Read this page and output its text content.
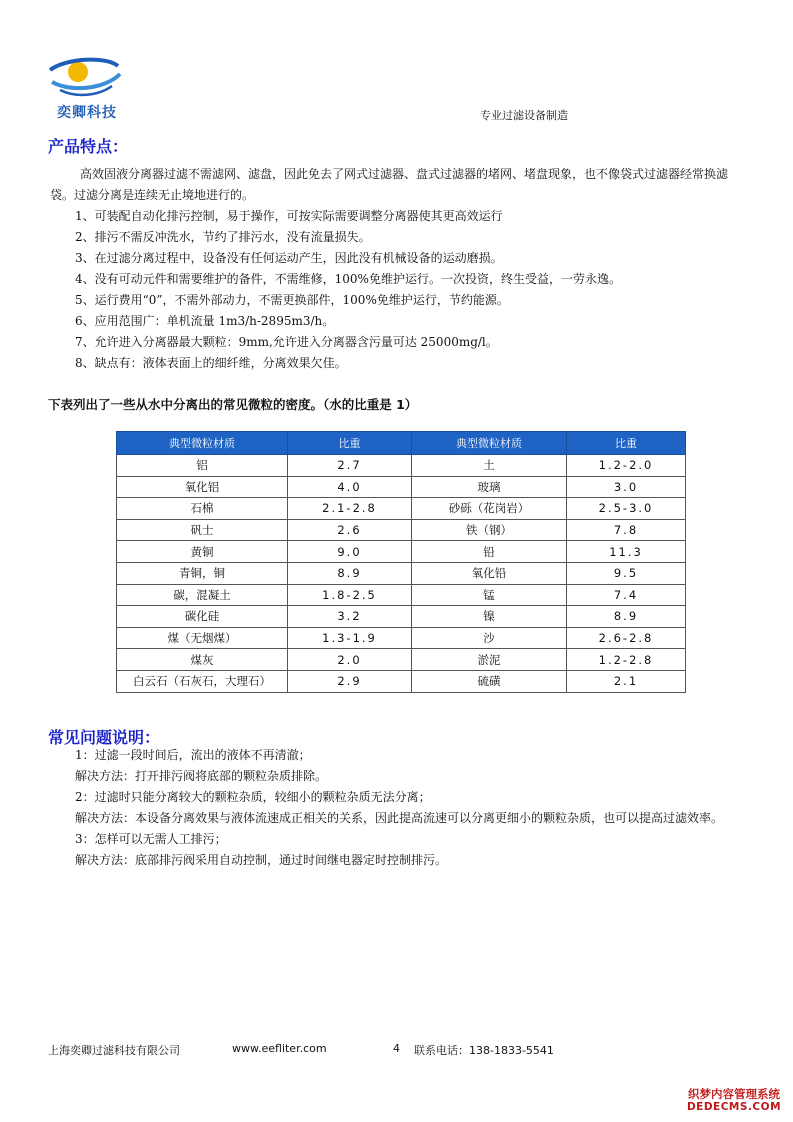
奕卿科技	专业过滤设备制造
产品特点：

高效固液分离器过滤不需滤网、滤盘，因此免去了网式过滤器、盘式过滤器的堵网、堵盘现象，也不像袋式过滤器经常换滤袋。过滤分离是连续无止境地进行的。

1、可装配自动化排污控制，易于操作，可按实际需要调整分离器使其更高效运行

2、排污不需反冲洗水，节约了排污水，没有流量损失。

3、在过滤分离过程中，设备没有任何运动产生，因此没有机械设备的运动磨损。

4、没有可动元件和需要维护的备件，不需维修，100%免维护运行。一次投资，终生受益，一劳永逸。

5、运行费用“0”，不需外部动力，不需更换部件，100%免维护运行，节约能源。

6、应用范围广：单机流量 1m3/h-2895m3/h。

7、允许进入分离器最大颗粒：9mm,允许进入分离器含污量可达 25000mg/l。

8、缺点有：液体表面上的细纤维，分离效果欠佳。

下表列出了一些从水中分离出的常见微粒的密度。（水的比重是 1）
典型微粒材质	比重	典型微粒材质	比重
铝	2.7	土	1.2-2.0
氧化铝	4.0	玻璃	3.0
石棉	2.1-2.8	砂砾（花岗岩）	2.5-3.0
矾士	2.6	铁（钢）	7.8
黄铜	9.0	铅	11.3
青铜，铜	8.9	氧化铅	9.5
碳，混凝土	1.8-2.5	锰	7.4
碳化硅	3.2	镍	8.9
煤（无烟煤）	1.3-1.9	沙	2.6-2.8
煤灰	2.0	淤泥	1.2-2.8
白云石（石灰石，大理石）	2.9	硫磺	2.1
常见问题说明：

1：过滤一段时间后，流出的液体不再清澈；

解决方法：打开排污阀将底部的颗粒杂质排除。

2：过滤时只能分离较大的颗粒杂质，较细小的颗粒杂质无法分离；

解决方法：本设备分离效果与液体流速成正相关的关系，因此提高流速可以分离更细小的颗粒杂质，也可以提高过滤效率。

3：怎样可以无需人工排污；

解决方法：底部排污阀采用自动控制，通过时间继电器定时控制排污。

上海奕卿过滤科技有限公司	www.eefliter.com	4 联系电话：138-1833-5541
织梦内容管理系统
DEDECMS.COM
